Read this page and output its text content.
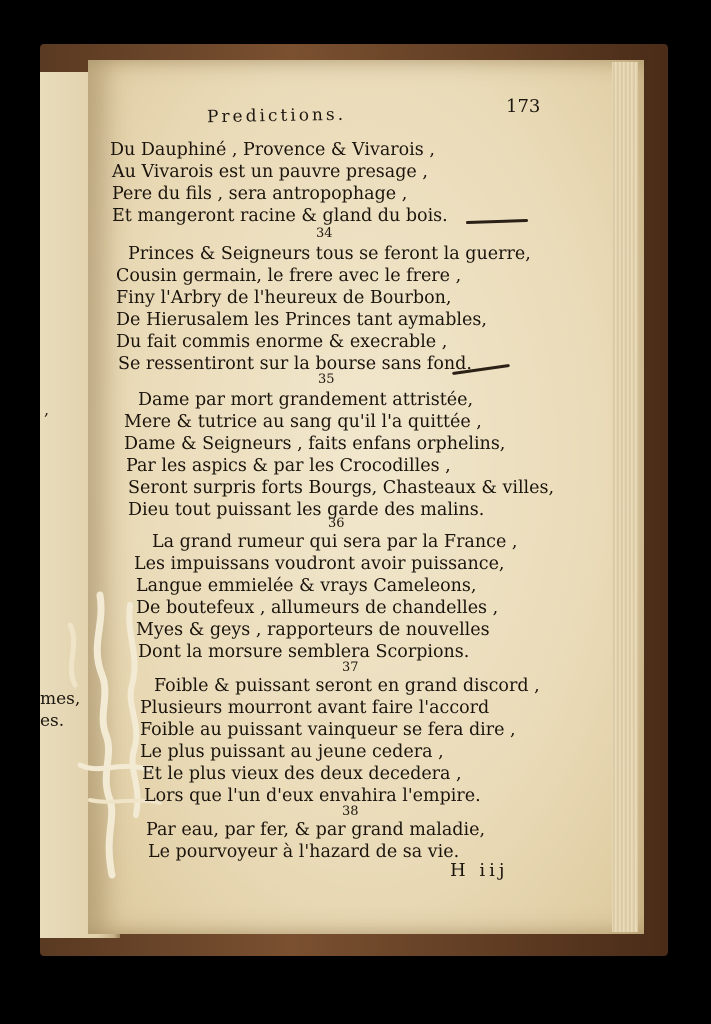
,
mes,
es.
Predictions.	173
Du Dauphiné , Provence & Vivarois ,
Au Vivarois est un pauvre presage ,
Pere du fils , sera antropophage ,
Et mangeront racine & gland du bois.
34
Princes & Seigneurs tous se feront la guerre,
Cousin germain, le frere avec le frere ,
Finy l'Arbry de l'heureux de Bourbon,
De Hierusalem les Princes tant aymables,
Du fait commis enorme & execrable ,
Se ressentiront sur la bourse sans fond.
35
Dame par mort grandement attristée,
Mere & tutrice au sang qu'il l'a quittée ,
Dame & Seigneurs , faits enfans orphelins,
Par les aspics & par les Crocodilles ,
Seront surpris forts Bourgs, Chasteaux & villes,
Dieu tout puissant les garde des malins.
36
La grand rumeur qui sera par la France ,
Les impuissans voudront avoir puissance,
Langue emmielée & vrays Cameleons,
De boutefeux , allumeurs de chandelles ,
Myes & geys , rapporteurs de nouvelles
Dont la morsure semblera Scorpions.
37
Foible & puissant seront en grand discord ,
Plusieurs mourront avant faire l'accord
Foible au puissant vainqueur se fera dire ,
Le plus puissant au jeune cedera ,
Et le plus vieux des deux decedera ,
Lors que l'un d'eux envahira l'empire.
38
Par eau, par fer, & par grand maladie,
Le pourvoyeur à l'hazard de sa vie.
H iij
